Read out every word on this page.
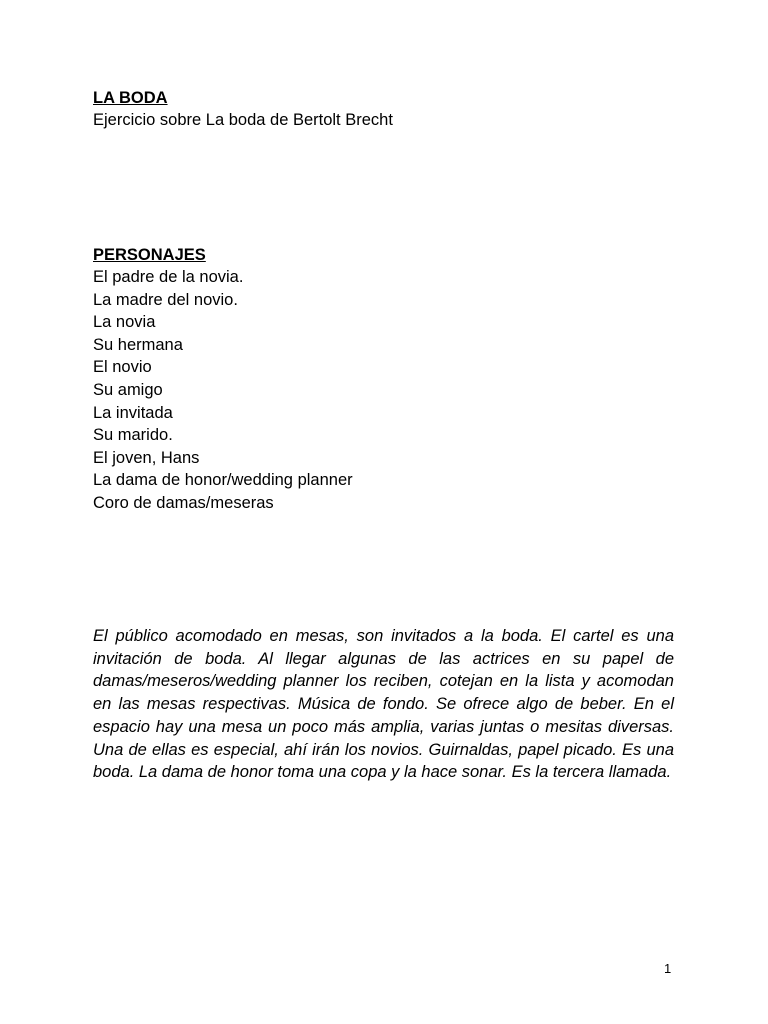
LA BODA
Ejercicio sobre La boda de Bertolt Brecht
PERSONAJES
El padre de la novia.
La madre del novio.
La novia
Su hermana
El novio
Su amigo
La invitada
Su marido.
El joven, Hans
La dama de honor/wedding planner
Coro de damas/meseras

El público acomodado en mesas, son invitados a la boda. El cartel es una invitación de boda. Al llegar algunas de las actrices en su papel de damas/meseros/wedding planner los reciben, cotejan en la lista y acomodan en las mesas respectivas. Música de fondo. Se ofrece algo de beber. En el espacio hay una mesa un poco más amplia, varias juntas o mesitas diversas. Una de ellas es especial, ahí irán los novios. Guirnaldas, papel picado. Es una boda. La dama de honor toma una copa y la hace sonar. Es la tercera llamada.

1
